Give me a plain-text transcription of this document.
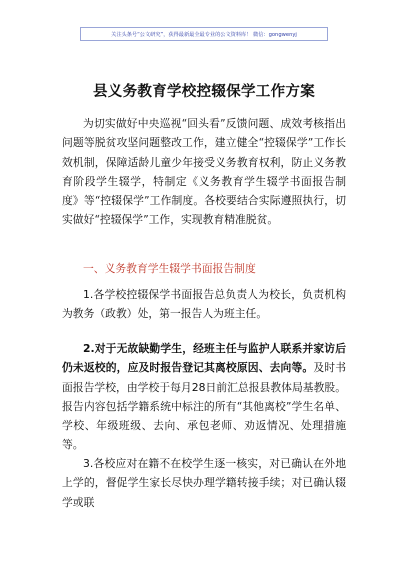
关注头条号“公文研究”，获得最新最全最专业的公文资料库！ 微信：gongwenyj
县义务教育学校控辍保学工作方案

为切实做好中央巡视“回头看”反馈问题、成效考核指出问题等脱贫攻坚问题整改工作，建立健全“控辍保学”工作长效机制，保障适龄儿童少年接受义务教育权利，防止义务教育阶段学生辍学，特制定《义务教育学生辍学书面报告制度》等“控辍保学”工作制度。各校要结合实际遵照执行，切实做好“控辍保学”工作，实现教育精准脱贫。

一、义务教育学生辍学书面报告制度

1.各学校控辍保学书面报告总负责人为校长，负责机构为教务（政教）处，第一报告人为班主任。

2.对于无故缺勤学生，经班主任与监护人联系并家访后仍未返校的，应及时报告登记其离校原因、去向等。及时书面报告学校，由学校于每月28日前汇总报县教体局基教股。报告内容包括学籍系统中标注的所有“其他离校”学生名单、学校、年级班级、去向、承包老师、劝返情况、处理措施等。

3.各校应对在籍不在校学生逐一核实，对已确认在外地上学的，督促学生家长尽快办理学籍转接手续；对已确认辍学或联
